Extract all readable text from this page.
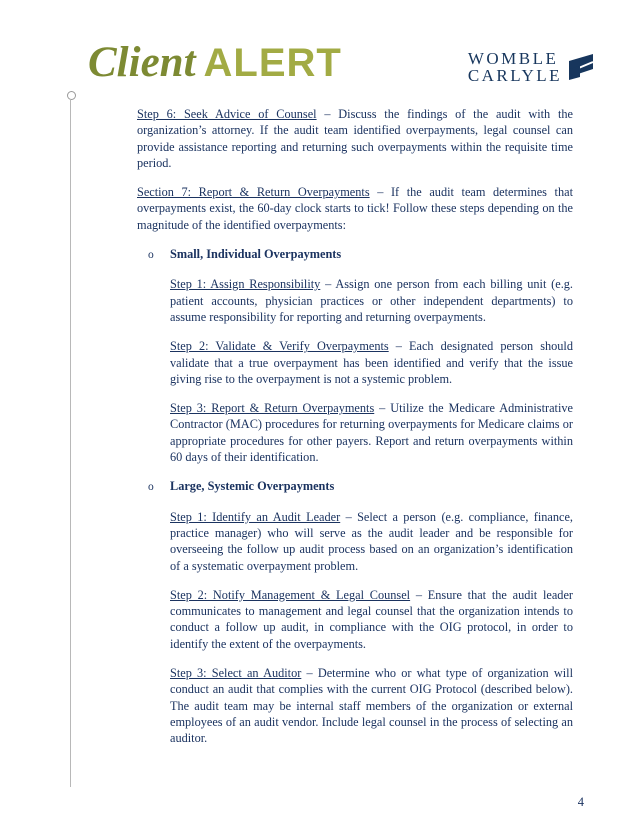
Client ALERT	WOMBLE
CARLYLE

Step 6: Seek Advice of Counsel – Discuss the findings of the audit with the organization’s attorney. If the audit team identified overpayments, legal counsel can provide assistance reporting and returning such overpayments within the requisite time period.

Section 7: Report & Return Overpayments – If the audit team determines that overpayments exist, the 60-day clock starts to tick! Follow these steps depending on the magnitude of the identified overpayments:

o Small, Individual Overpayments

Step 1: Assign Responsibility – Assign one person from each billing unit (e.g. patient accounts, physician practices or other independent departments) to assume responsibility for reporting and returning overpayments.

Step 2: Validate & Verify Overpayments – Each designated person should validate that a true overpayment has been identified and verify that the issue giving rise to the overpayment is not a systemic problem.

Step 3: Report & Return Overpayments – Utilize the Medicare Administrative Contractor (MAC) procedures for returning overpayments for Medicare claims or appropriate procedures for other payers. Report and return overpayments within 60 days of their identification.

o Large, Systemic Overpayments

Step 1: Identify an Audit Leader – Select a person (e.g. compliance, finance, practice manager) who will serve as the audit leader and be responsible for overseeing the follow up audit process based on an organization’s identification of a systematic overpayment problem.

Step 2: Notify Management & Legal Counsel – Ensure that the audit leader communicates to management and legal counsel that the organization intends to conduct a follow up audit, in compliance with the OIG protocol, in order to identify the extent of the overpayments.

Step 3: Select an Auditor – Determine who or what type of organization will conduct an audit that complies with the current OIG Protocol (described below). The audit team may be internal staff members of the organization or external employees of an audit vendor. Include legal counsel in the process of selecting an auditor.

4
